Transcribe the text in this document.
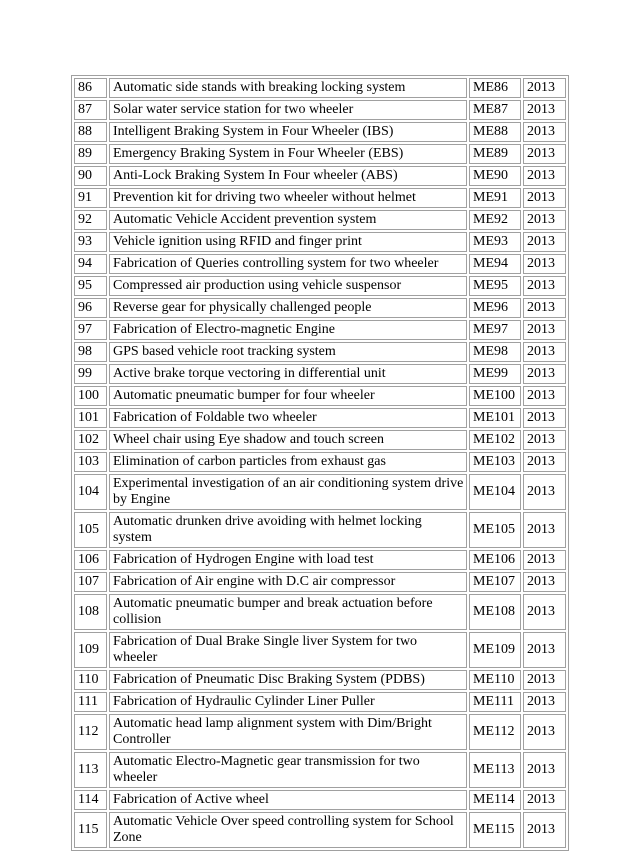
86	Automatic side stands with breaking locking system	ME86	2013
87	Solar water service station for two wheeler	ME87	2013
88	Intelligent Braking System in Four Wheeler (IBS)	ME88	2013
89	Emergency Braking System in Four Wheeler (EBS)	ME89	2013
90	Anti-Lock Braking System In Four wheeler (ABS)	ME90	2013
91	Prevention kit for driving two wheeler without helmet	ME91	2013
92	Automatic Vehicle Accident prevention system	ME92	2013
93	Vehicle ignition using RFID and finger print	ME93	2013
94	Fabrication of Queries controlling system for two wheeler	ME94	2013
95	Compressed air production using vehicle suspensor	ME95	2013
96	Reverse gear for physically challenged people	ME96	2013
97	Fabrication of Electro-magnetic Engine	ME97	2013
98	GPS based vehicle root tracking system	ME98	2013
99	Active brake torque vectoring in differential unit	ME99	2013
100	Automatic pneumatic bumper for four wheeler	ME100	2013
101	Fabrication of Foldable two wheeler	ME101	2013
102	Wheel chair using Eye shadow and touch screen	ME102	2013
103	Elimination of carbon particles from exhaust gas	ME103	2013
104	Experimental investigation of an air conditioning system drive by Engine	ME104	2013
105	Automatic drunken drive avoiding with helmet locking system	ME105	2013
106	Fabrication of Hydrogen Engine with load test	ME106	2013
107	Fabrication of Air engine with D.C air compressor	ME107	2013
108	Automatic pneumatic bumper and break actuation before collision	ME108	2013
109	Fabrication of Dual Brake Single liver System for two wheeler	ME109	2013
110	Fabrication of Pneumatic Disc Braking System (PDBS)	ME110	2013
111	Fabrication of Hydraulic Cylinder Liner Puller	ME111	2013
112	Automatic head lamp alignment system with Dim/Bright Controller	ME112	2013
113	Automatic Electro-Magnetic gear transmission for two wheeler	ME113	2013
114	Fabrication of Active wheel	ME114	2013
115	Automatic Vehicle Over speed controlling system for School Zone	ME115	2013
